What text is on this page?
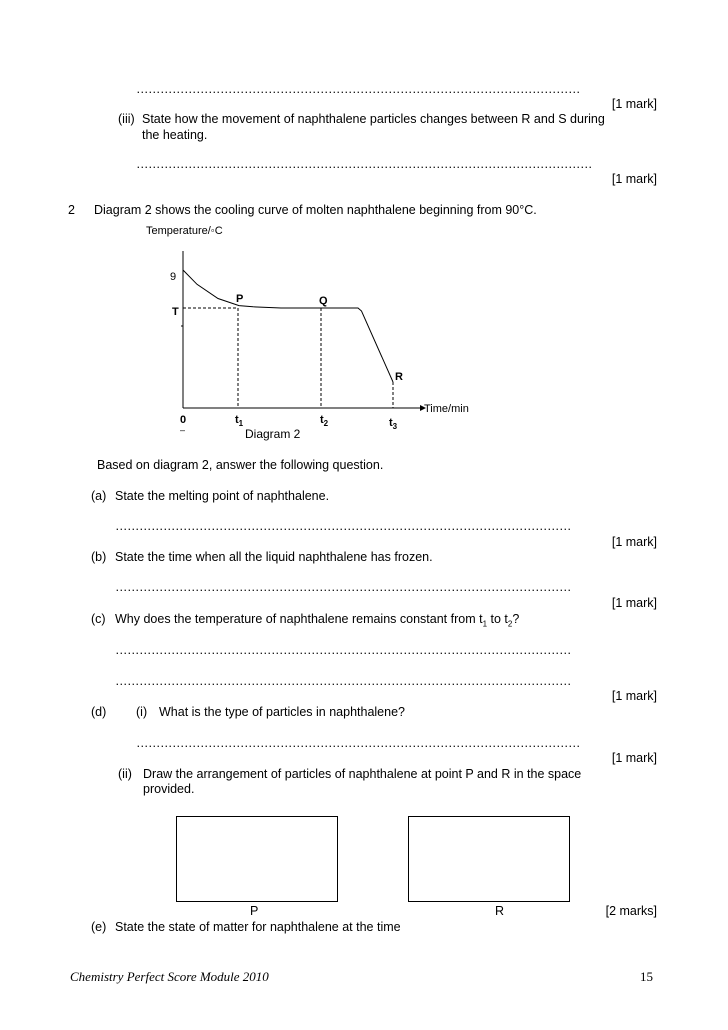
…………………………………………………………………………………………………
[1 mark]
(iii) State how the movement of naphthalene particles changes between R and S during
the heating.
……………………………………………………………………………………………………
[1 mark]
2 Diagram 2 shows the cooling curve of molten naphthalene beginning from 90°C.
Temperature/◦C
Time/min
9
T
P	Q
R
0
–
$t_1$	$t_2$	$t_3$
Diagram 2
Based on diagram 2, answer the following question.
(a) State the melting point of naphthalene.
……………………………………………………………………………………………………
[1 mark]
(b) State the time when all the liquid naphthalene has frozen.
……………………………………………………………………………………………………
[1 mark]
(c) Why does the temperature of naphthalene remains constant from $t_1$ to $t_2$?
……………………………………………………………………………………………………
……………………………………………………………………………………………………
[1 mark]
(d) (i) What is the type of particles in naphthalene?
…………………………………………………………………………………………………
[1 mark]
(ii) Draw the arrangement of particles of naphthalene at point P and R in the space
provided.
P	R	[2 marks]
(e) State the state of matter for naphthalene at the time
Chemistry Perfect Score Module 2010	15
